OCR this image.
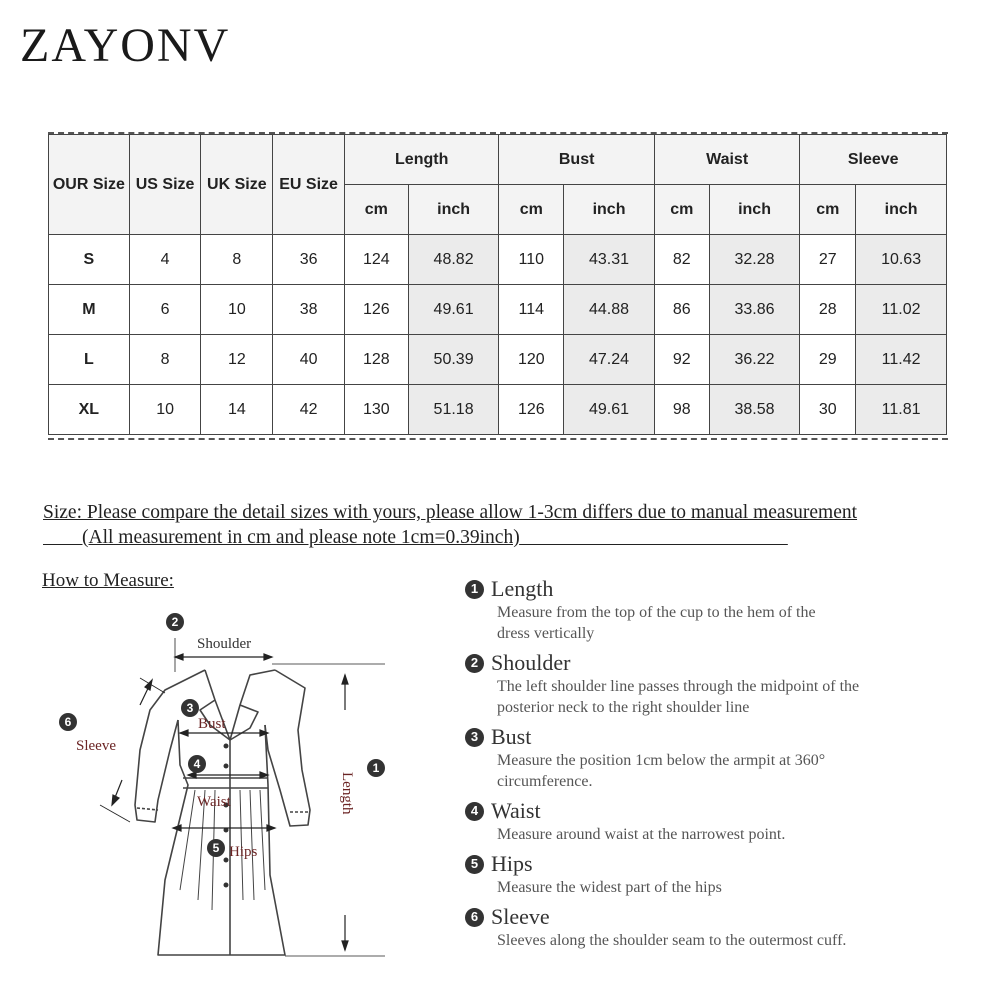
ZAYONV
OUR Size	US Size	UK Size	EU Size	Length		Bust		Waist		Sleeve	
				cm	inch	cm	inch	cm	inch	cm	inch
S	4	8	36	124	48.82	110	43.31	82	32.28	27	10.63
M	6	10	38	126	49.61	114	44.88	86	33.86	28	11.02
L	8	12	40	128	50.39	120	47.24	92	36.22	29	11.42
XL	10	14	42	130	51.18	126	49.61	98	38.58	30	11.81
Size: Please compare the detail sizes with yours, please allow 1-3cm differs due to manual measurement
(All measurement in cm and please note 1cm=0.39inch)
How to Measure:
2
3
4
5
6
1
Shoulder
Bust
Waist
Hips
Sleeve
Length
1 Length
Measure from the top of the cup to the hem of the dress vertically
2 Shoulder
The left shoulder line passes through the midpoint of the posterior neck to the right shoulder line
3 Bust
Measure the position 1cm below the armpit at 360° circumference.
4 Waist
Measure around waist at the narrowest point.
5 Hips
Measure the widest part of the hips
6 Sleeve
Sleeves along the shoulder seam to the outermost cuff.
